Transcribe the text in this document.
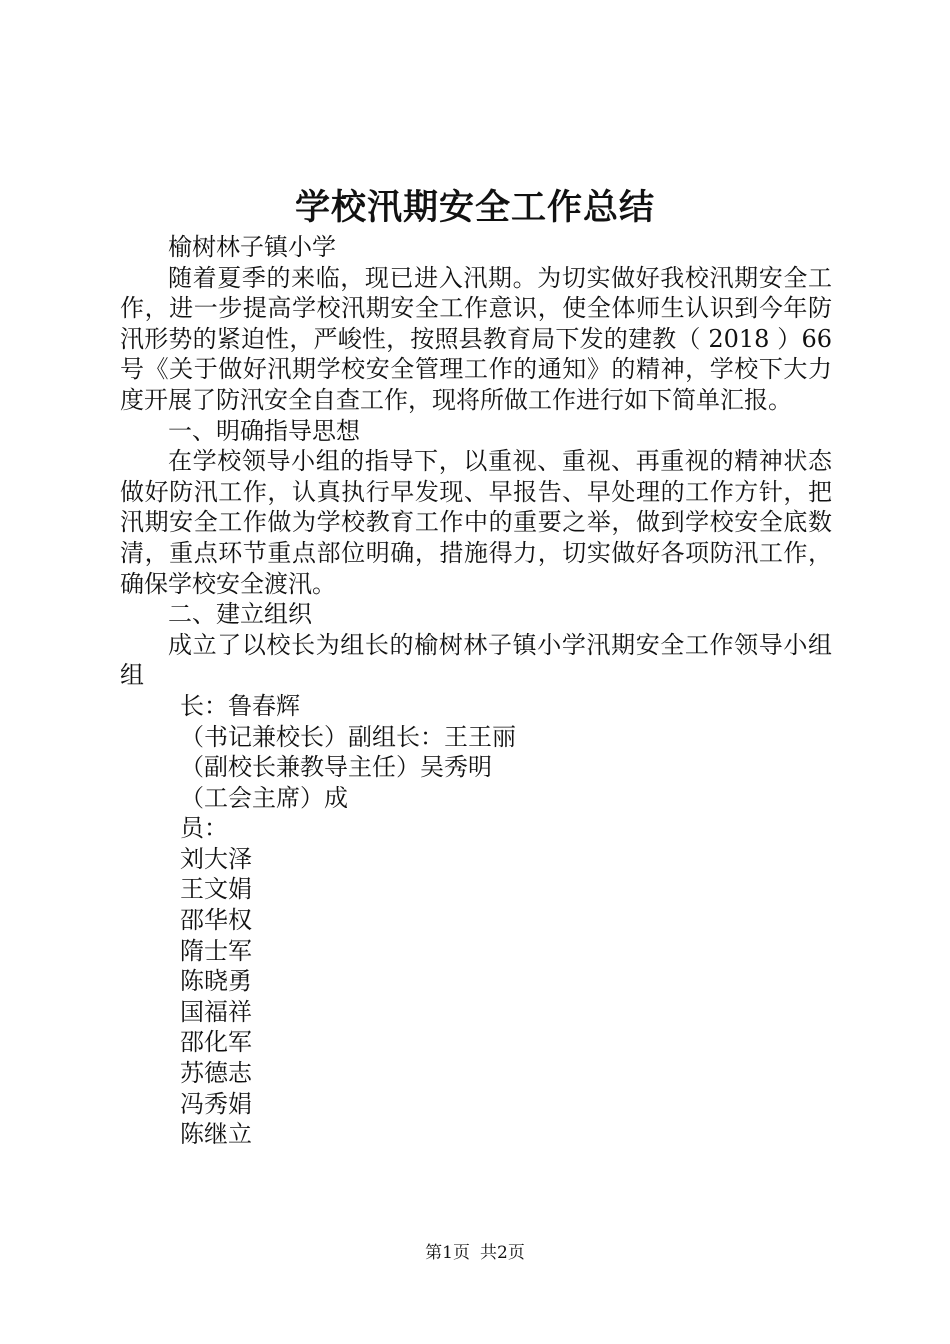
学校汛期安全工作总结

榆树林子镇小学

随着夏季的来临，现已进入汛期。为切实做好我校汛期安全工作，进一步提高学校汛期安全工作意识，使全体师生认识到今年防汛形势的紧迫性，严峻性，按照县教育局下发的建教（ 2018 ）66 号《关于做好汛期学校安全管理工作的通知》的精神，学校下大力度开展了防汛安全自查工作，现将所做工作进行如下简单汇报。

一、明确指导思想

在学校领导小组的指导下，以重视、重视、再重视的精神状态做好防汛工作，认真执行早发现、早报告、早处理的工作方针，把汛期安全工作做为学校教育工作中的重要之举，做到学校安全底数清，重点环节重点部位明确，措施得力，切实做好各项防汛工作，确保学校安全渡汛。

二、建立组织

成立了以校长为组长的榆树林子镇小学汛期安全工作领导小组组

长：鲁春辉
（书记兼校长）副组长：王王丽
（副校长兼教导主任）吴秀明
（工会主席）成
员：
刘大泽
王文娟
邵华权
隋士军
陈晓勇
国福祥
邵化军
苏德志
冯秀娟
陈继立
第1页 共2页
